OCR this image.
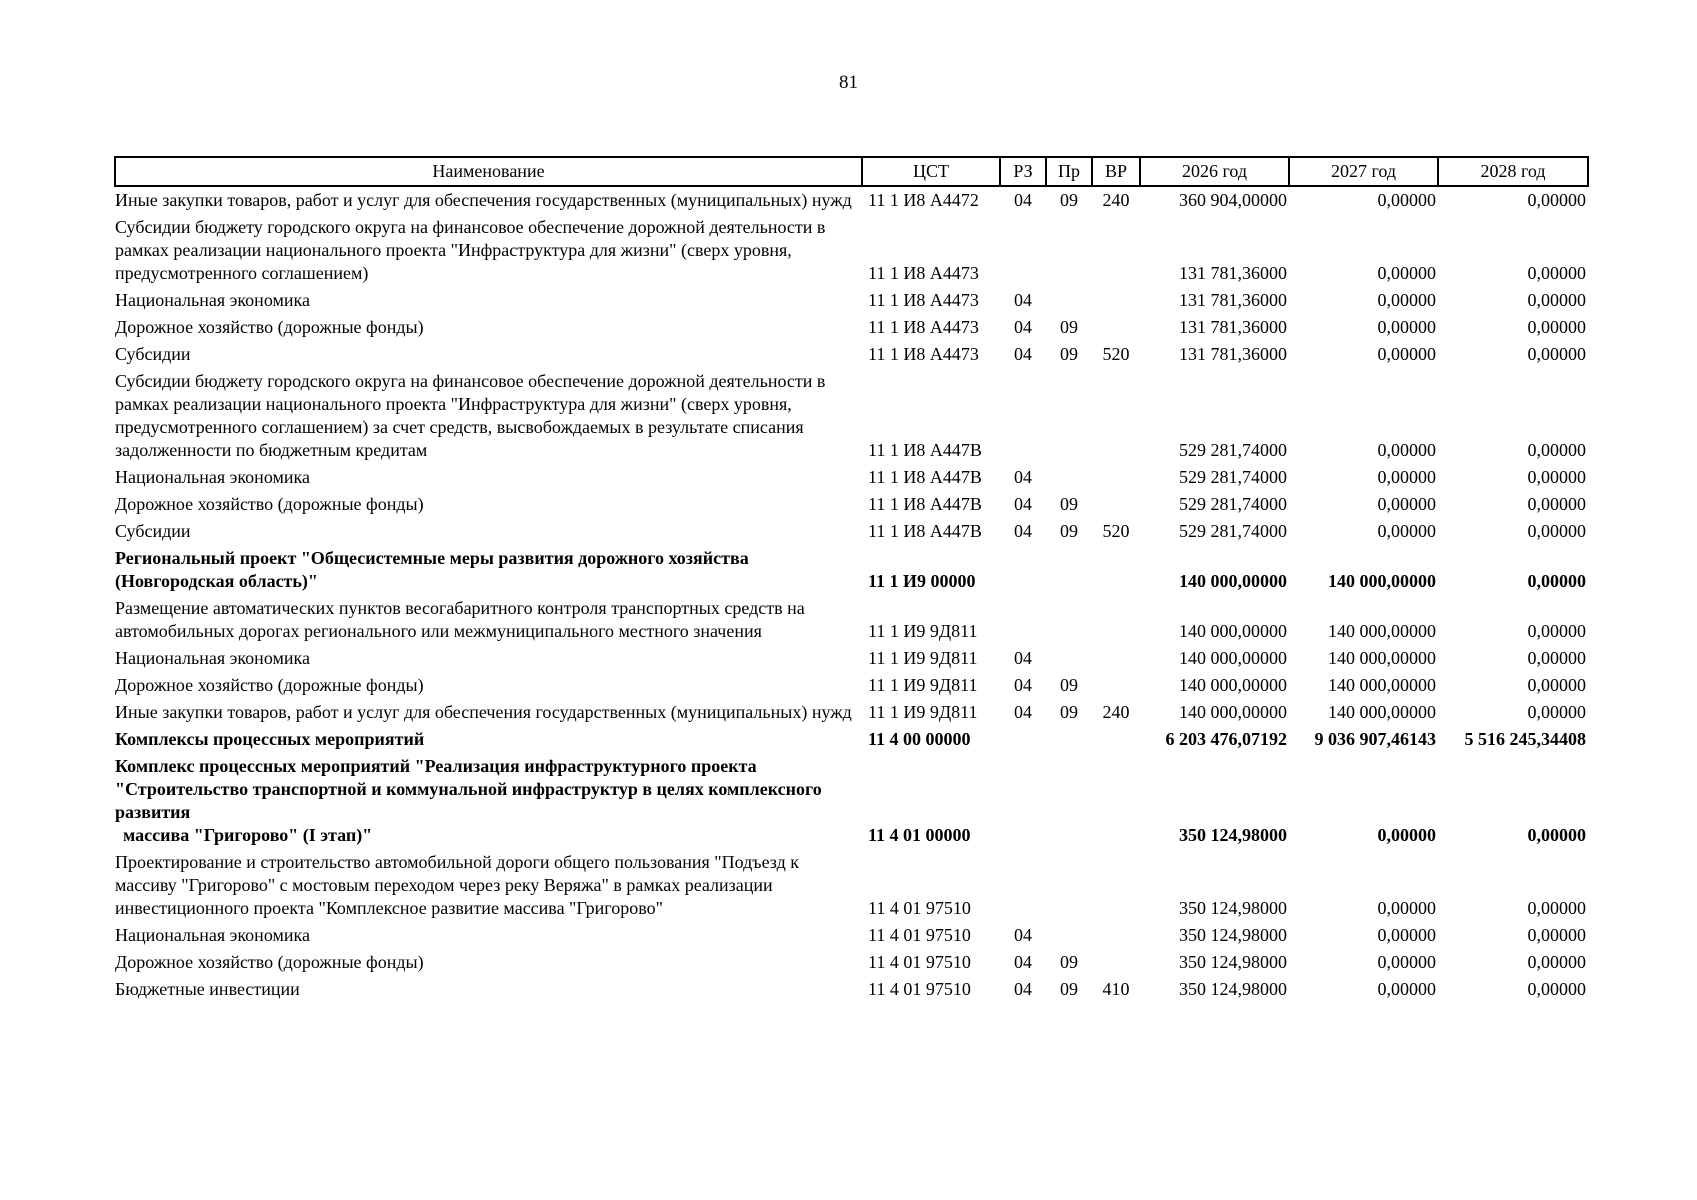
81
Наименование	ЦСТ	РЗ	Пр	ВР	2026 год	2027 год	2028 год
Иные закупки товаров, работ и услуг для обеспечения государственных (муниципальных) нужд	11 1 И8 А4472	04	09	240	360 904,00000	0,00000	0,00000
Субсидии бюджету городского округа на финансовое обеспечение дорожной деятельности в рамках реализации национального проекта "Инфраструктура для жизни" (сверх уровня, предусмотренного соглашением)	11 1 И8 А4473				131 781,36000	0,00000	0,00000
Национальная экономика	11 1 И8 А4473	04			131 781,36000	0,00000	0,00000
Дорожное хозяйство (дорожные фонды)	11 1 И8 А4473	04	09		131 781,36000	0,00000	0,00000
Субсидии	11 1 И8 А4473	04	09	520	131 781,36000	0,00000	0,00000
Субсидии бюджету городского округа на финансовое обеспечение дорожной деятельности в рамках реализации национального проекта "Инфраструктура для жизни" (сверх уровня, предусмотренного соглашением) за счет средств, высвобождаемых в результате списания задолженности по бюджетным кредитам	11 1 И8 А447В				529 281,74000	0,00000	0,00000
Национальная экономика	11 1 И8 А447В	04			529 281,74000	0,00000	0,00000
Дорожное хозяйство (дорожные фонды)	11 1 И8 А447В	04	09		529 281,74000	0,00000	0,00000
Субсидии	11 1 И8 А447В	04	09	520	529 281,74000	0,00000	0,00000
Региональный проект "Общесистемные меры развития дорожного хозяйства (Новгородская область)"	11 1 И9 00000				140 000,00000	140 000,00000	0,00000
Размещение автоматических пунктов весогабаритного контроля транспортных средств на автомобильных дорогах регионального или межмуниципального местного значения	11 1 И9 9Д811				140 000,00000	140 000,00000	0,00000
Национальная экономика	11 1 И9 9Д811	04			140 000,00000	140 000,00000	0,00000
Дорожное хозяйство (дорожные фонды)	11 1 И9 9Д811	04	09		140 000,00000	140 000,00000	0,00000
Иные закупки товаров, работ и услуг для обеспечения государственных (муниципальных) нужд	11 1 И9 9Д811	04	09	240	140 000,00000	140 000,00000	0,00000
Комплексы процессных мероприятий	11 4 00 00000				6 203 476,07192	9 036 907,46143	5 516 245,34408
Комплекс процессных мероприятий "Реализация инфраструктурного проекта "Строительство транспортной и коммунальной инфраструктур в целях комплексного развития
массива "Григорово" (I этап)"	11 4 01 00000				350 124,98000	0,00000	0,00000
Проектирование и строительство автомобильной дороги общего пользования "Подъезд к массиву "Григорово" с мостовым переходом через реку Веряжа" в рамках реализации инвестиционного проекта "Комплексное развитие массива "Григорово"	11 4 01 97510				350 124,98000	0,00000	0,00000
Национальная экономика	11 4 01 97510	04			350 124,98000	0,00000	0,00000
Дорожное хозяйство (дорожные фонды)	11 4 01 97510	04	09		350 124,98000	0,00000	0,00000
Бюджетные инвестиции	11 4 01 97510	04	09	410	350 124,98000	0,00000	0,00000
